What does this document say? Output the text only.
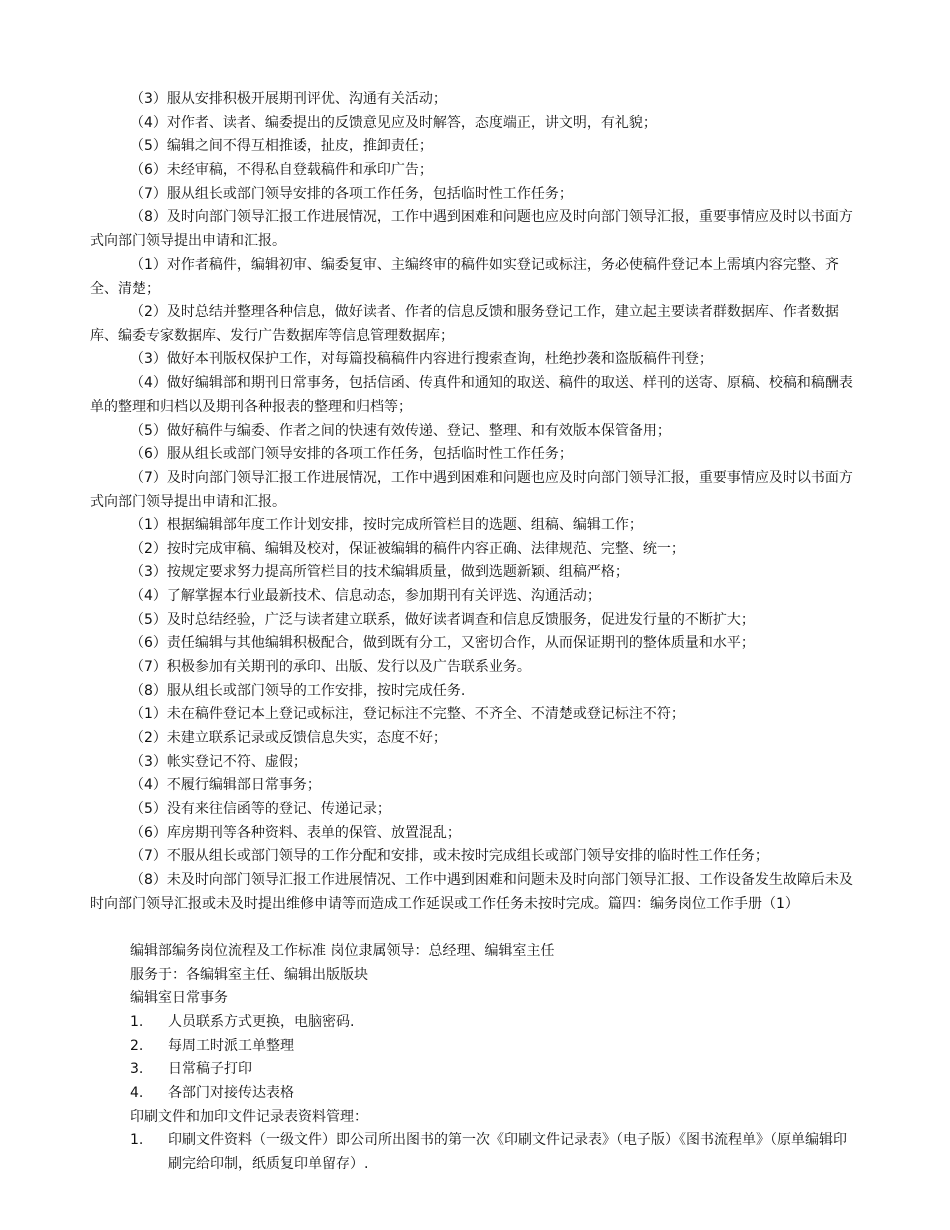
（3）服从安排积极开展期刊评优、沟通有关活动；

（4）对作者、读者、编委提出的反馈意见应及时解答，态度端正，讲文明，有礼貌；

（5）编辑之间不得互相推诿，扯皮，推卸责任；

（6）未经审稿，不得私自登载稿件和承印广告；

（7）服从组长或部门领导安排的各项工作任务，包括临时性工作任务；

（8）及时向部门领导汇报工作进展情况，工作中遇到困难和问题也应及时向部门领导汇报，重要事情应及时以书面方式向部门领导提出申请和汇报。

（1）对作者稿件，编辑初审、编委复审、主编终审的稿件如实登记或标注，务必使稿件登记本上需填内容完整、齐全、清楚；

（2）及时总结并整理各种信息，做好读者、作者的信息反馈和服务登记工作，建立起主要读者群数据库、作者数据库、编委专家数据库、发行广告数据库等信息管理数据库；

（3）做好本刊版权保护工作，对每篇投稿稿件内容进行搜索查询，杜绝抄袭和盗版稿件刊登；

（4）做好编辑部和期刊日常事务，包括信函、传真件和通知的取送、稿件的取送、样刊的送寄、原稿、校稿和稿酬表单的整理和归档以及期刊各种报表的整理和归档等；

（5）做好稿件与编委、作者之间的快速有效传递、登记、整理、和有效版本保管备用；

（6）服从组长或部门领导安排的各项工作任务，包括临时性工作任务；

（7）及时向部门领导汇报工作进展情况，工作中遇到困难和问题也应及时向部门领导汇报，重要事情应及时以书面方式向部门领导提出申请和汇报。

（1）根据编辑部年度工作计划安排，按时完成所管栏目的选题、组稿、编辑工作；

（2）按时完成审稿、编辑及校对，保证被编辑的稿件内容正确、法律规范、完整、统一；

（3）按规定要求努力提高所管栏目的技术编辑质量，做到选题新颖、组稿严格；

（4）了解掌握本行业最新技术、信息动态，参加期刊有关评选、沟通活动；

（5）及时总结经验，广泛与读者建立联系，做好读者调查和信息反馈服务，促进发行量的不断扩大；

（6）责任编辑与其他编辑积极配合，做到既有分工，又密切合作，从而保证期刊的整体质量和水平；

（7）积极参加有关期刊的承印、出版、发行以及广告联系业务。

（8）服从组长或部门领导的工作安排，按时完成任务.

（1）未在稿件登记本上登记或标注，登记标注不完整、不齐全、不清楚或登记标注不符；

（2）未建立联系记录或反馈信息失实，态度不好；

（3）帐实登记不符、虚假；

（4）不履行编辑部日常事务；

（5）没有来往信函等的登记、传递记录；

（6）库房期刊等各种资料、表单的保管、放置混乱；

（7）不服从组长或部门领导的工作分配和安排，或未按时完成组长或部门领导安排的临时性工作任务；

（8）未及时向部门领导汇报工作进展情况、工作中遇到困难和问题未及时向部门领导汇报、工作设备发生故障后未及时向部门领导汇报或未及时提出维修申请等而造成工作延误或工作任务未按时完成。篇四：编务岗位工作手册（1）

编辑部编务岗位流程及工作标准 岗位隶属领导：总经理、编辑室主任

服务于：各编辑室主任、编辑出版版块

编辑室日常事务

1. 人员联系方式更换，电脑密码.
2. 每周工时派工单整理
3. 日常稿子打印
4. 各部门对接传达表格

印刷文件和加印文件记录表资料管理：

1. 印刷文件资料（一级文件）即公司所出图书的第一次《印刷文件记录表》（电子版）《图书流程单》（原单编辑印刷完给印制，纸质复印单留存）.
